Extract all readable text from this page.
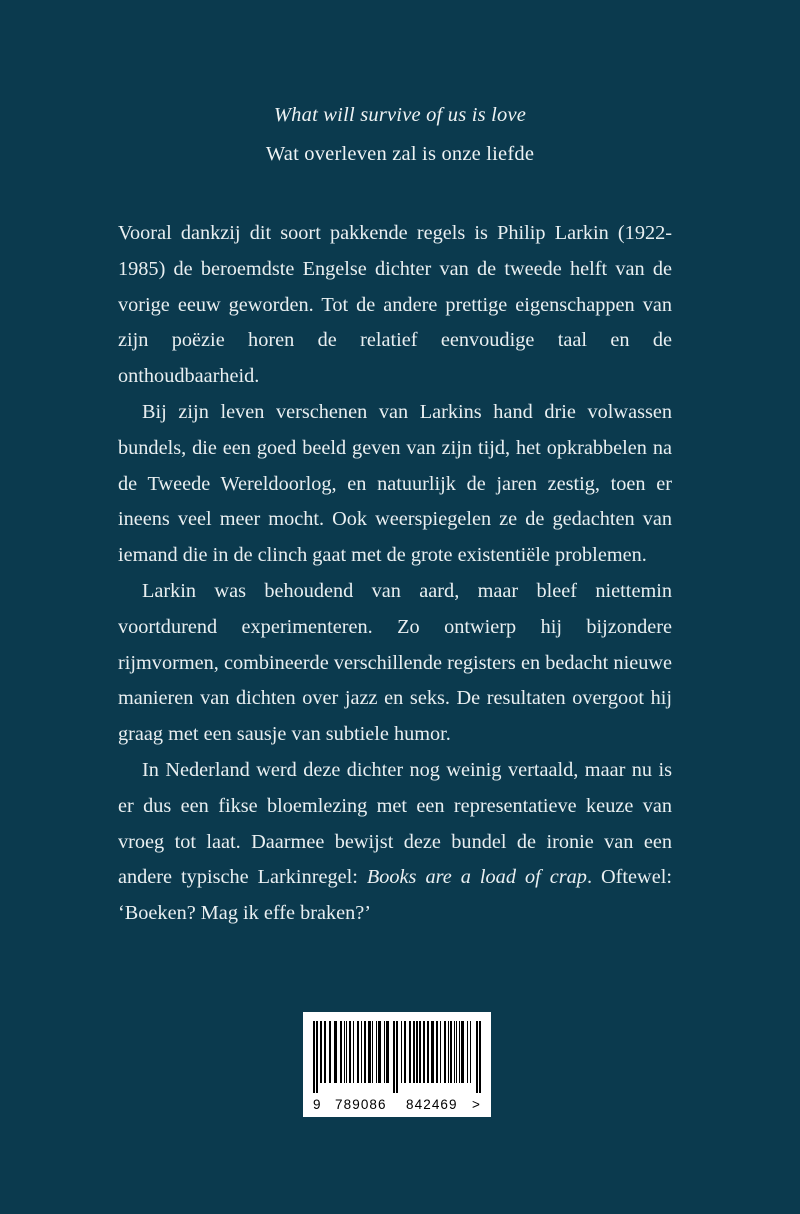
What will survive of us is love
Wat overleven zal is onze liefde

Vooral dankzij dit soort pakkende regels is Philip Larkin (1922-1985) de beroemdste Engelse dichter van de tweede helft van de vorige eeuw geworden. Tot de andere prettige eigenschappen van zijn poëzie horen de relatief eenvoudige taal en de onthoudbaarheid.

Bij zijn leven verschenen van Larkins hand drie volwassen bundels, die een goed beeld geven van zijn tijd, het opkrabbelen na de Tweede Wereldoorlog, en natuurlijk de jaren zestig, toen er ineens veel meer mocht. Ook weerspiegelen ze de gedachten van iemand die in de clinch gaat met de grote existentiële problemen.

Larkin was behoudend van aard, maar bleef niettemin voortdurend experimenteren. Zo ontwierp hij bijzondere rijmvormen, combineerde verschillende registers en bedacht nieuwe manieren van dichten over jazz en seks. De resultaten overgoot hij graag met een sausje van subtiele humor.

In Nederland werd deze dichter nog weinig vertaald, maar nu is er dus een fikse bloemlezing met een representatieve keuze van vroeg tot laat. Daarmee bewijst deze bundel de ironie van een andere typische Larkinregel: Books are a load of crap. Oftewel: ‘Boeken? Mag ik effe braken?’

9 789086 842469 >
